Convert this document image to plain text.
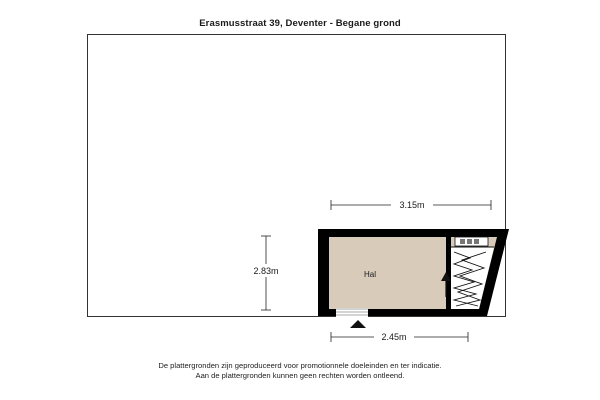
Erasmusstraat 39, Deventer - Begane grond
3.15m
2.83m	Hal
2.45m
De plattergronden zijn geproduceerd voor promotionnele doeleinden en ter indicatie.
Aan de plattergronden kunnen geen rechten worden ontleend.
